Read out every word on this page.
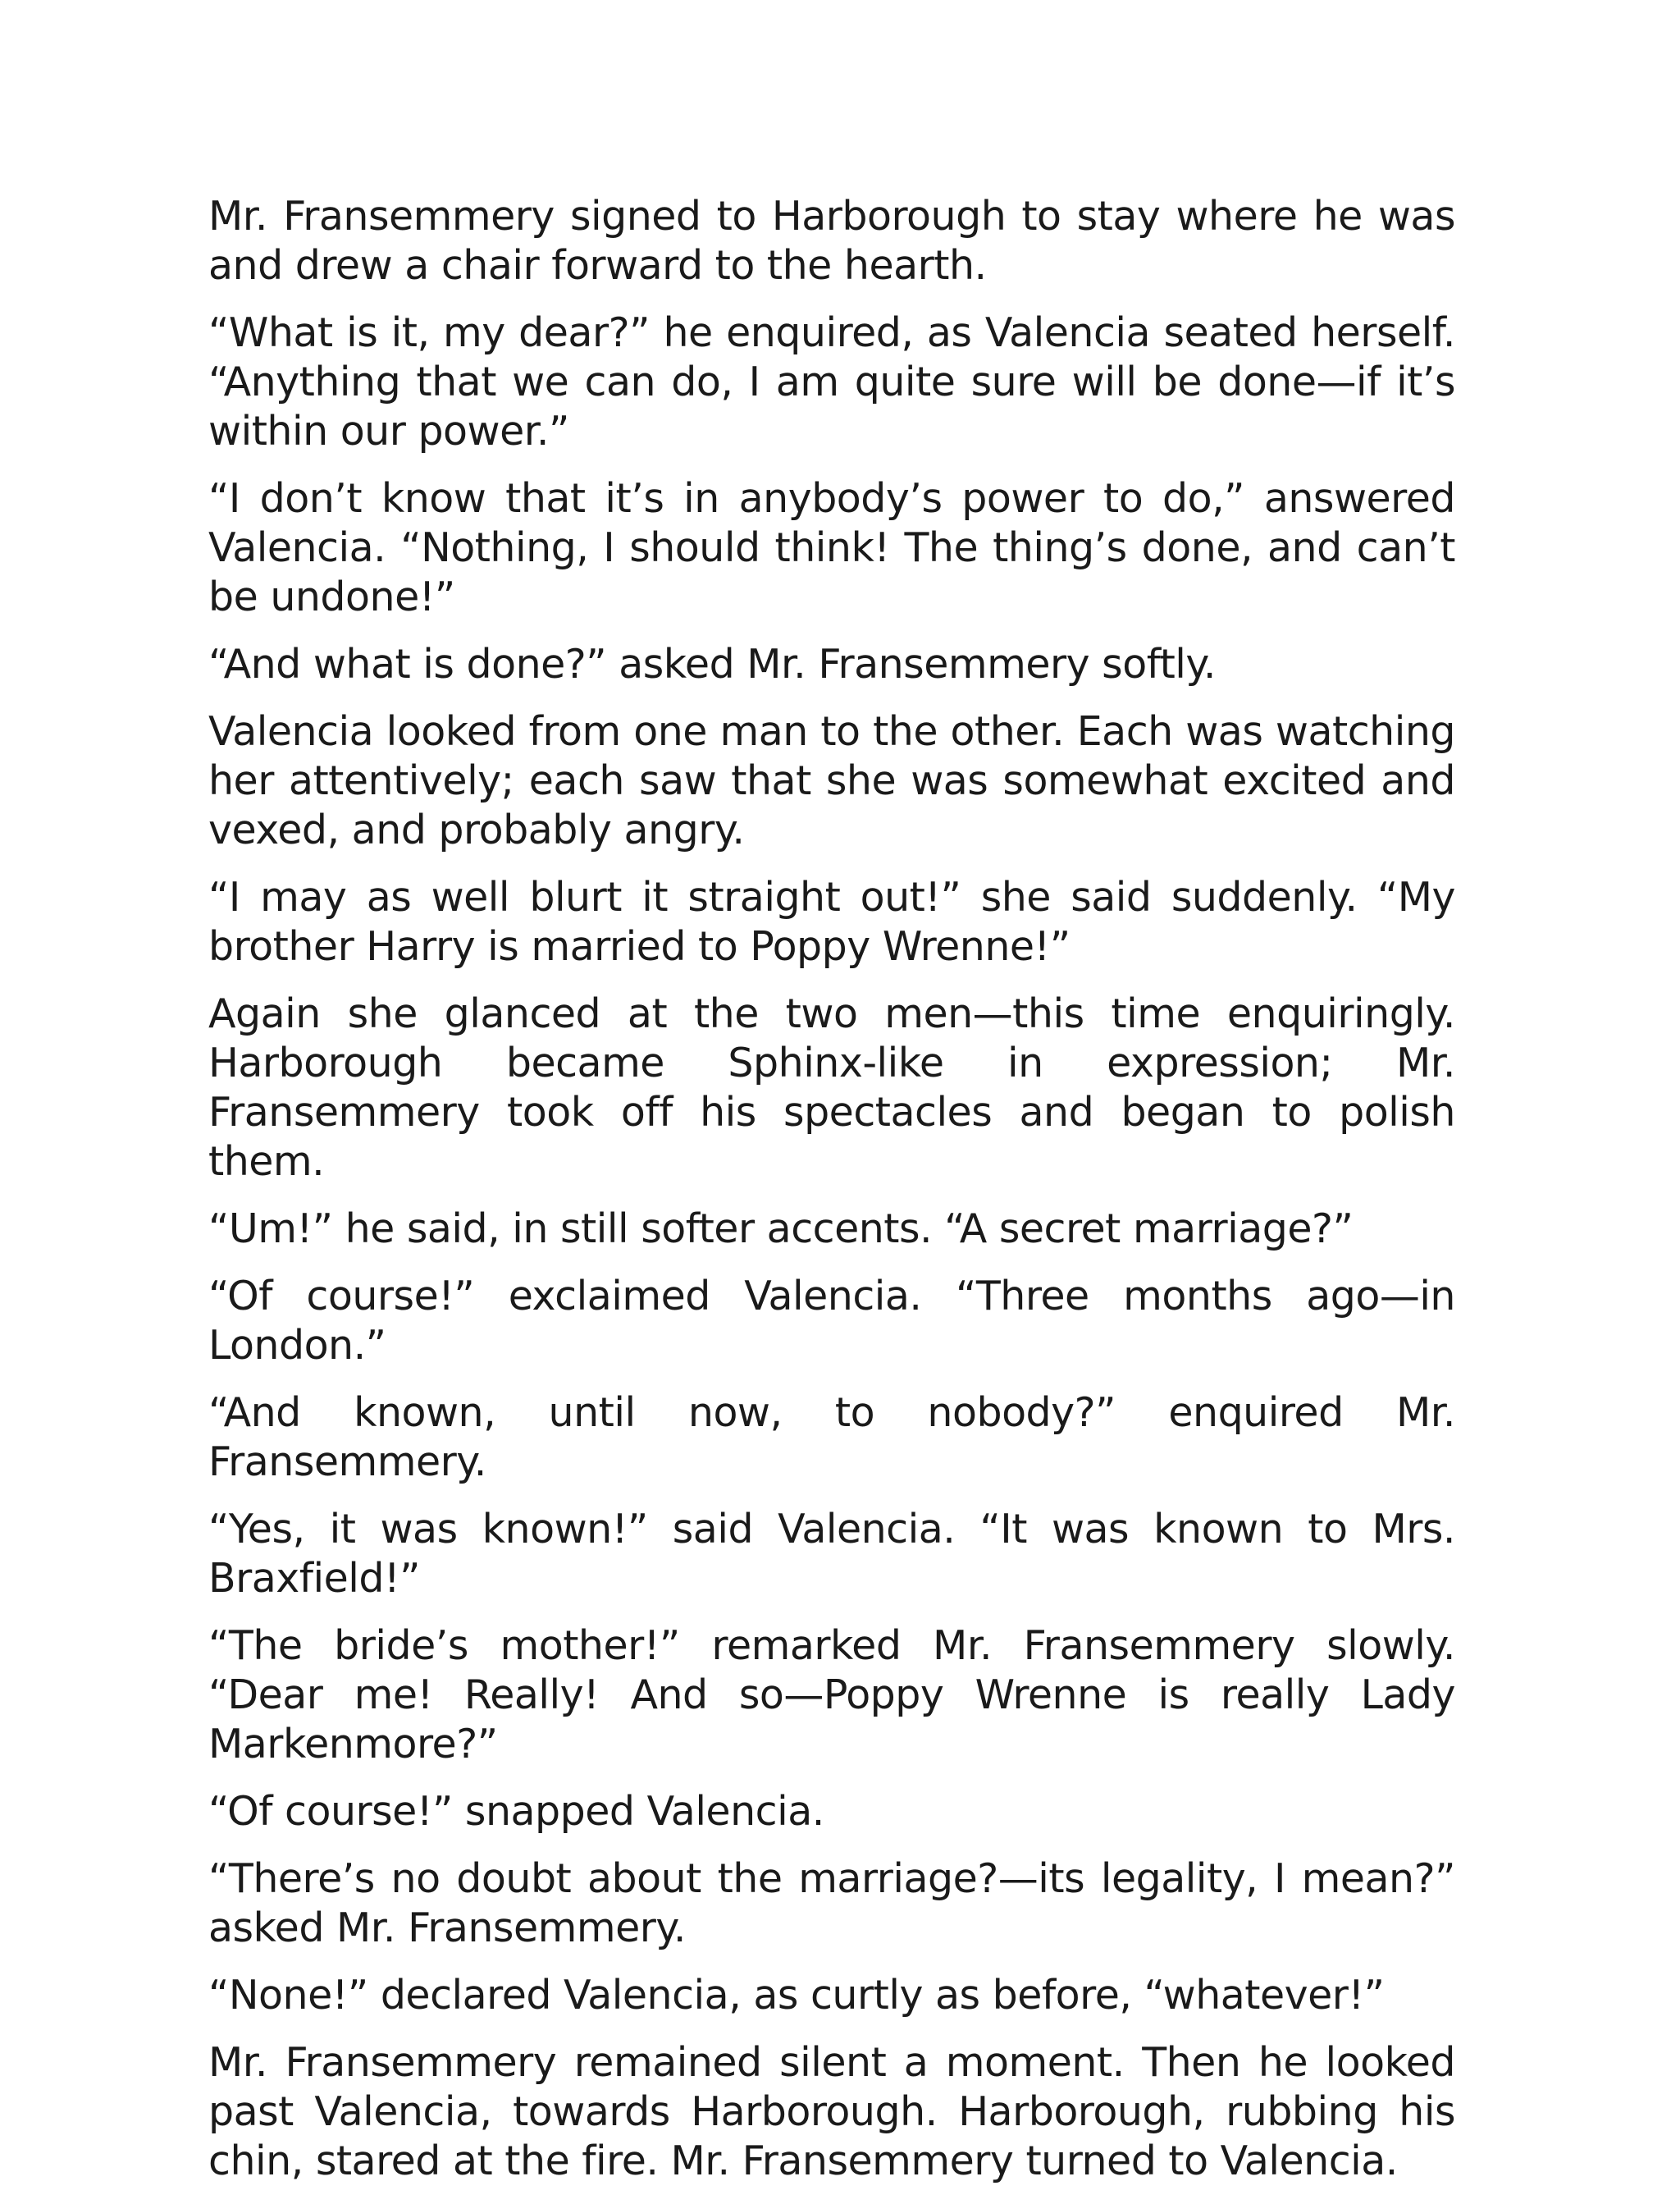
Mr. Fransemmery signed to Harborough to stay where he was and drew a chair forward to the hearth.

“What is it, my dear?” he enquired, as Valencia seated herself. “Anything that we can do, I am quite sure will be done—if it’s within our power.”

“I don’t know that it’s in anybody’s power to do,” answered Valencia. “Nothing, I should think! The thing’s done, and can’t be undone!”

“And what is done?” asked Mr. Fransemmery softly.

Valencia looked from one man to the other. Each was watching her attentively; each saw that she was somewhat excited and vexed, and probably angry.

“I may as well blurt it straight out!” she said suddenly. “My brother Harry is married to Poppy Wrenne!”

Again she glanced at the two men—this time enquiringly. Harborough became Sphinx-like in expression; Mr. Fransemmery took off his spectacles and began to polish them.

“Um!” he said, in still softer accents. “A secret marriage?”

“Of course!” exclaimed Valencia. “Three months ago—in London.”

“And known, until now, to nobody?” enquired Mr. Fransemmery.

“Yes, it was known!” said Valencia. “It was known to Mrs. Braxfield!”

“The bride’s mother!” remarked Mr. Fransemmery slowly. “Dear me! Really! And so—Poppy Wrenne is really Lady Markenmore?”

“Of course!” snapped Valencia.

“There’s no doubt about the marriage?—its legality, I mean?” asked Mr. Fransemmery.

“None!” declared Valencia, as curtly as before, “whatever!”

Mr. Fransemmery remained silent a moment. Then he looked past Valencia, towards Harborough. Harborough, rubbing his chin, stared at the fire. Mr. Fransemmery turned to Valencia.
